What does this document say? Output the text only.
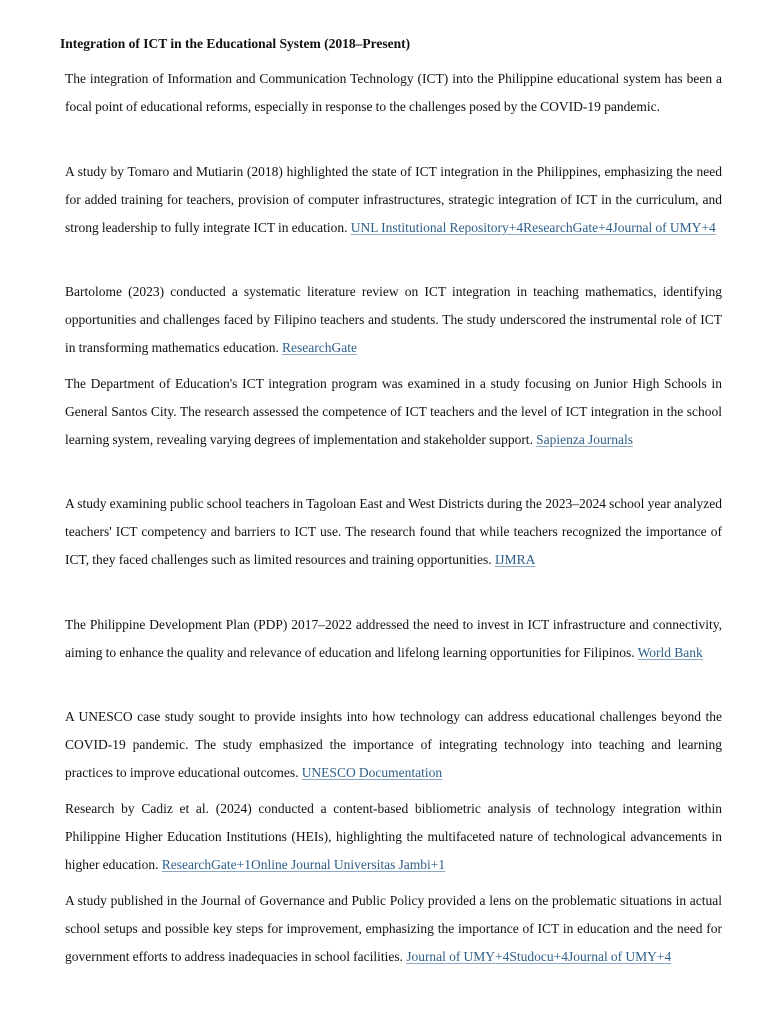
Integration of ICT in the Educational System (2018–Present)

The integration of Information and Communication Technology (ICT) into the Philippine educational system has been a focal point of educational reforms, especially in response to the challenges posed by the COVID-19 pandemic.

A study by Tomaro and Mutiarin (2018) highlighted the state of ICT integration in the Philippines, emphasizing the need for added training for teachers, provision of computer infrastructures, strategic integration of ICT in the curriculum, and strong leadership to fully integrate ICT in education. UNL Institutional Repository+4ResearchGate+4Journal of UMY+4

Bartolome (2023) conducted a systematic literature review on ICT integration in teaching mathematics, identifying opportunities and challenges faced by Filipino teachers and students. The study underscored the instrumental role of ICT in transforming mathematics education. ResearchGate

The Department of Education's ICT integration program was examined in a study focusing on Junior High Schools in General Santos City. The research assessed the competence of ICT teachers and the level of ICT integration in the school learning system, revealing varying degrees of implementation and stakeholder support. Sapienza Journals

A study examining public school teachers in Tagoloan East and West Districts during the 2023–2024 school year analyzed teachers' ICT competency and barriers to ICT use. The research found that while teachers recognized the importance of ICT, they faced challenges such as limited resources and training opportunities. IJMRA

The Philippine Development Plan (PDP) 2017–2022 addressed the need to invest in ICT infrastructure and connectivity, aiming to enhance the quality and relevance of education and lifelong learning opportunities for Filipinos. World Bank

A UNESCO case study sought to provide insights into how technology can address educational challenges beyond the COVID-19 pandemic. The study emphasized the importance of integrating technology into teaching and learning practices to improve educational outcomes. UNESCO Documentation

Research by Cadiz et al. (2024) conducted a content-based bibliometric analysis of technology integration within Philippine Higher Education Institutions (HEIs), highlighting the multifaceted nature of technological advancements in higher education. ResearchGate+1Online Journal Universitas Jambi+1

A study published in the Journal of Governance and Public Policy provided a lens on the problematic situations in actual school setups and possible key steps for improvement, emphasizing the importance of ICT in education and the need for government efforts to address inadequacies in school facilities. Journal of UMY+4Studocu+4Journal of UMY+4
